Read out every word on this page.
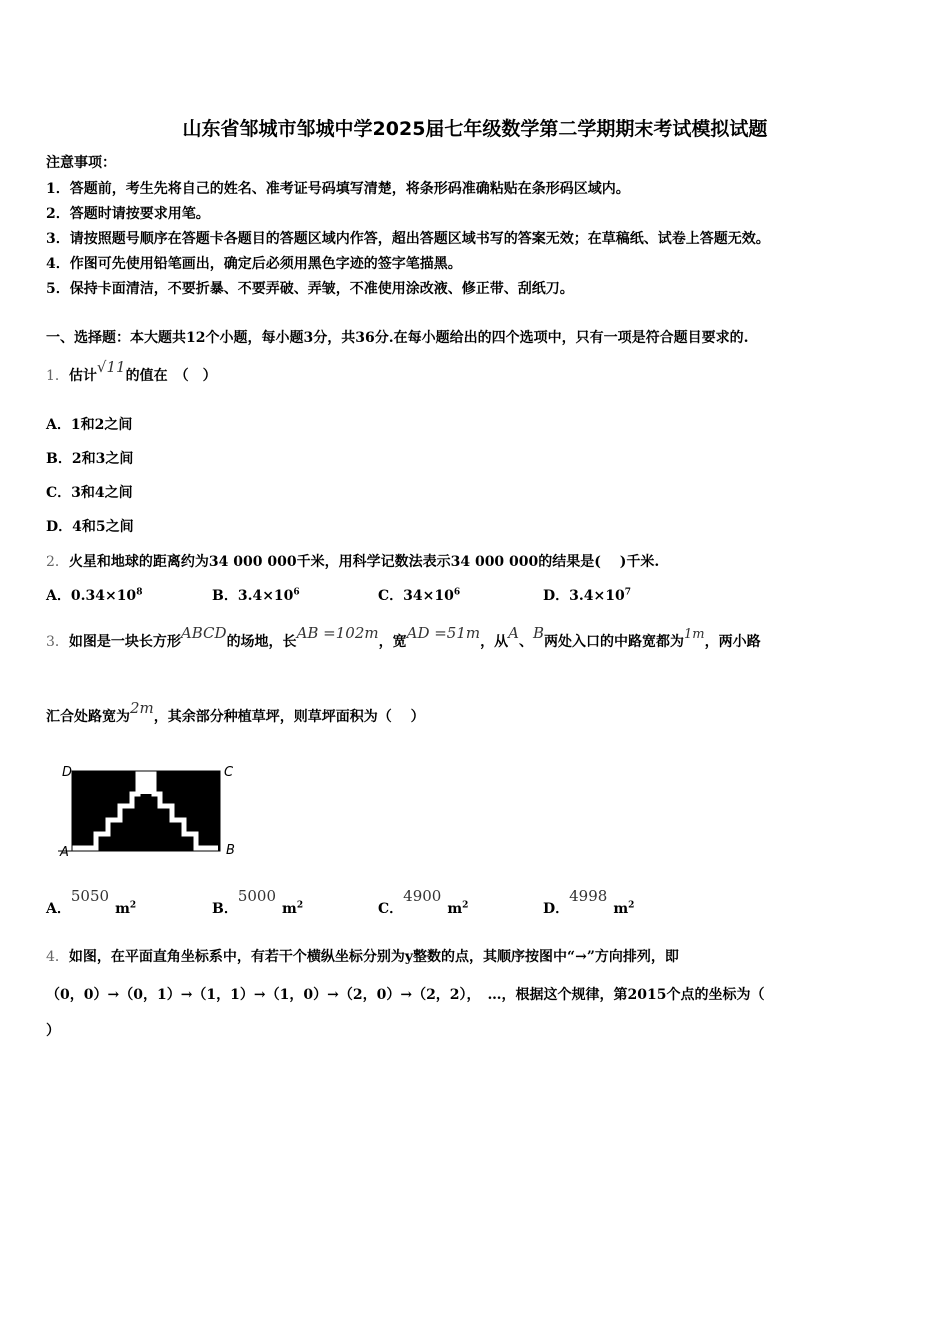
山东省邹城市邹城中学2025届七年级数学第二学期期末考试模拟试题
注意事项：
1．答题前，考生先将自己的姓名、准考证号码填写清楚，将条形码准确粘贴在条形码区域内。
2．答题时请按要求用笔。
3．请按照题号顺序在答题卡各题目的答题区域内作答，超出答题区域书写的答案无效；在草稿纸、试卷上答题无效。
4．作图可先使用铅笔画出，确定后必须用黑色字迹的签字笔描黑。
5．保持卡面清洁，不要折暴、不要弄破、弄皱，不准使用涂改液、修正带、刮纸刀。
一、选择题：本大题共12个小题，每小题3分，共36分.在每小题给出的四个选项中，只有一项是符合题目要求的.
1．估计√11的值在　（　）
A．1和2之间
B．2和3之间
C．3和4之间
D．4和5之间
2．火星和地球的距离约为34 000 000千米，用科学记数法表示34 000 000的结果是(　 )千米.
A．$0.34\times 10^8$	B．$3.4\times 10^6$	C．$34\times 10^6$	D．$3.4\times 10^7$
3．如图是一块长方形ABCD的场地，长AB =102m，宽AD =51m，从A、B两处入口的中路宽都为1m，两小路
汇合处路宽为2m，其余部分种植草坪，则草坪面积为（　 ）
D	C
A	B
A．$5050m^2$	B．$5000m^2$	C．$4900m^2$	D．$4998m^2$
4．如图，在平面直角坐标系中，有若干个横纵坐标分别为y整数的点，其顺序按图中“→”方向排列，即
（0，0）→（0，1）→（1，1）→（1，0）→（2，0）→（2，2），　…，根据这个规律，第2015个点的坐标为（
）
